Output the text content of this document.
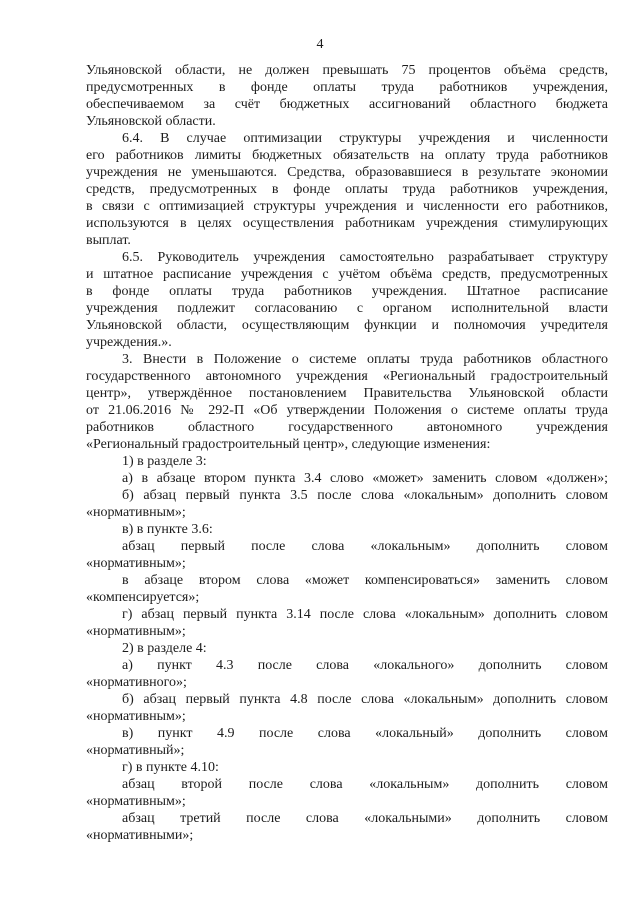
4
Ульяновской области, не должен превышать 75 процентов объёма средств,
предусмотренных в фонде оплаты труда работников учреждения,
обеспечиваемом за счёт бюджетных ассигнований областного бюджета
Ульяновской области.
6.4. В случае оптимизации структуры учреждения и численности
его работников лимиты бюджетных обязательств на оплату труда работников
учреждения не уменьшаются. Средства, образовавшиеся в результате экономии
средств, предусмотренных в фонде оплаты труда работников учреждения,
в связи с оптимизацией структуры учреждения и численности его работников,
используются в целях осуществления работникам учреждения стимулирующих
выплат.
6.5. Руководитель учреждения самостоятельно разрабатывает структуру
и штатное расписание учреждения с учётом объёма средств, предусмотренных
в фонде оплаты труда работников учреждения. Штатное расписание
учреждения подлежит согласованию с органом исполнительной власти
Ульяновской области, осуществляющим функции и полномочия учредителя
учреждения.».
3. Внести в Положение о системе оплаты труда работников областного
государственного автономного учреждения «Региональный градостроительный
центр», утверждённое постановлением Правительства Ульяновской области
от 21.06.2016 № 292-П «Об утверждении Положения о системе оплаты труда
работников областного государственного автономного учреждения
«Региональный градостроительный центр», следующие изменения:
1) в разделе 3:
а) в абзаце втором пункта 3.4 слово «может» заменить словом «должен»;
б) абзац первый пункта 3.5 после слова «локальным» дополнить словом
«нормативным»;
в) в пункте 3.6:
абзац первый после слова «локальным» дополнить словом
«нормативным»;
в абзаце втором слова «может компенсироваться» заменить словом
«компенсируется»;
г) абзац первый пункта 3.14 после слова «локальным» дополнить словом
«нормативным»;
2) в разделе 4:
а) пункт 4.3 после слова «локального» дополнить словом
«нормативного»;
б) абзац первый пункта 4.8 после слова «локальным» дополнить словом
«нормативным»;
в) пункт 4.9 после слова «локальный» дополнить словом
«нормативный»;
г) в пункте 4.10:
абзац второй после слова «локальным» дополнить словом
«нормативным»;
абзац третий после слова «локальными» дополнить словом
«нормативными»;
